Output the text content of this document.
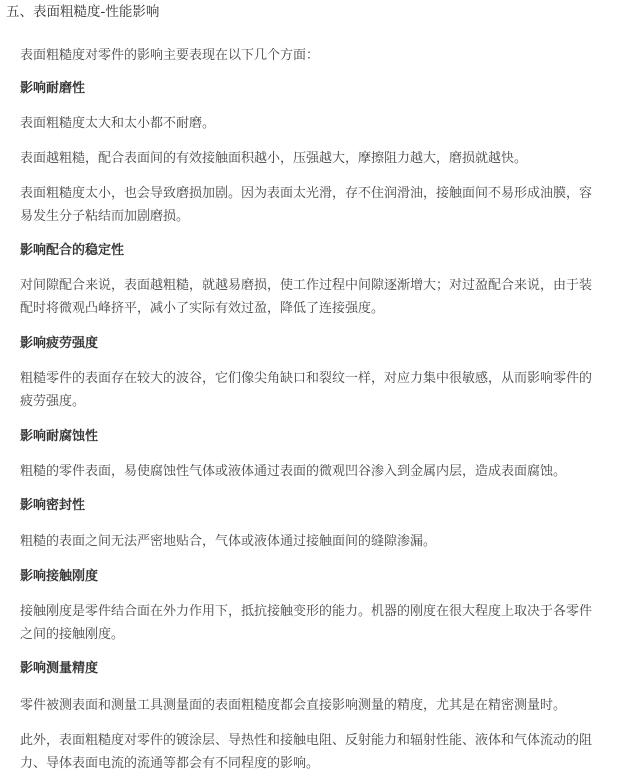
五、表面粗糙度-性能影响
表面粗糙度对零件的影响主要表现在以下几个方面：
影响耐磨性
表面粗糙度太大和太小都不耐磨。
表面越粗糙，配合表面间的有效接触面积越小，压强越大，摩擦阻力越大，磨损就越快。
表面粗糙度太小，也会导致磨损加剧。因为表面太光滑，存不住润滑油，接触面间不易形成油膜，容
易发生分子粘结而加剧磨损。
影响配合的稳定性
对间隙配合来说，表面越粗糙，就越易磨损，使工作过程中间隙逐渐增大；对过盈配合来说，由于装
配时将微观凸峰挤平，减小了实际有效过盈，降低了连接强度。
影响疲劳强度
粗糙零件的表面存在较大的波谷，它们像尖角缺口和裂纹一样，对应力集中很敏感，从而影响零件的
疲劳强度。
影响耐腐蚀性
粗糙的零件表面，易使腐蚀性气体或液体通过表面的微观凹谷渗入到金属内层，造成表面腐蚀。
影响密封性
粗糙的表面之间无法严密地贴合，气体或液体通过接触面间的缝隙渗漏。
影响接触刚度
接触刚度是零件结合面在外力作用下，抵抗接触变形的能力。机器的刚度在很大程度上取决于各零件
之间的接触刚度。
影响测量精度
零件被测表面和测量工具测量面的表面粗糙度都会直接影响测量的精度，尤其是在精密测量时。
此外，表面粗糙度对零件的镀涂层、导热性和接触电阻、反射能力和辐射性能、液体和气体流动的阻
力、导体表面电流的流通等都会有不同程度的影响。
